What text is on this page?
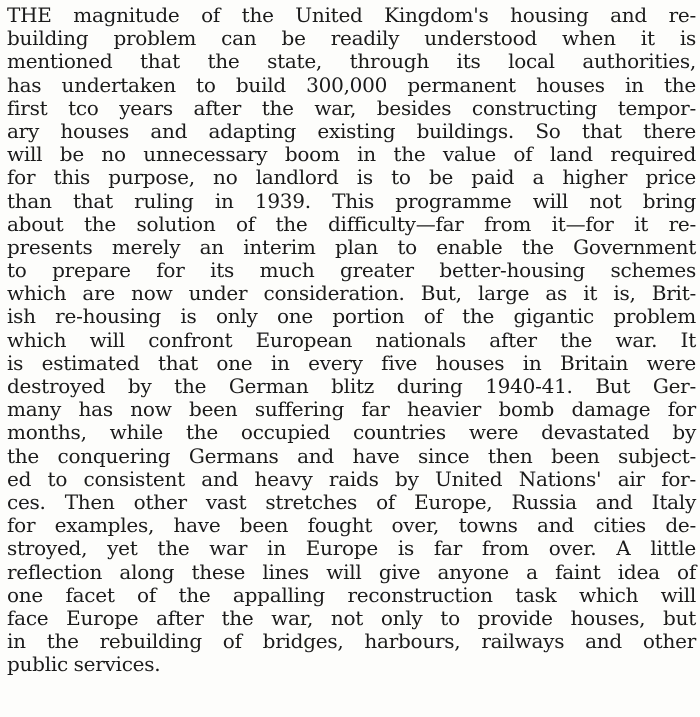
THE magnitude of the United Kingdom's housing and re-
building problem can be readily understood when it is
mentioned that the state, through its local authorities,
has undertaken to build 300,000 permanent houses in the
first tco years after the war, besides constructing tempor-
ary houses and adapting existing buildings. So that there
will be no unnecessary boom in the value of land required
for this purpose, no landlord is to be paid a higher price
than that ruling in 1939. This programme will not bring
about the solution of the difficulty—far from it—for it re-
presents merely an interim plan to enable the Government
to prepare for its much greater better-housing schemes
which are now under consideration. But, large as it is, Brit-
ish re-housing is only one portion of the gigantic problem
which will confront European nationals after the war. It
is estimated that one in every five houses in Britain were
destroyed by the German blitz during 1940-41. But Ger-
many has now been suffering far heavier bomb damage for
months, while the occupied countries were devastated by
the conquering Germans and have since then been subject-
ed to consistent and heavy raids by United Nations' air for-
ces. Then other vast stretches of Europe, Russia and Italy
for examples, have been fought over, towns and cities de-
stroyed, yet the war in Europe is far from over. A little
reflection along these lines will give anyone a faint idea of
one facet of the appalling reconstruction task which will
face Europe after the war, not only to provide houses, but
in the rebuilding of bridges, harbours, railways and other
public services.
